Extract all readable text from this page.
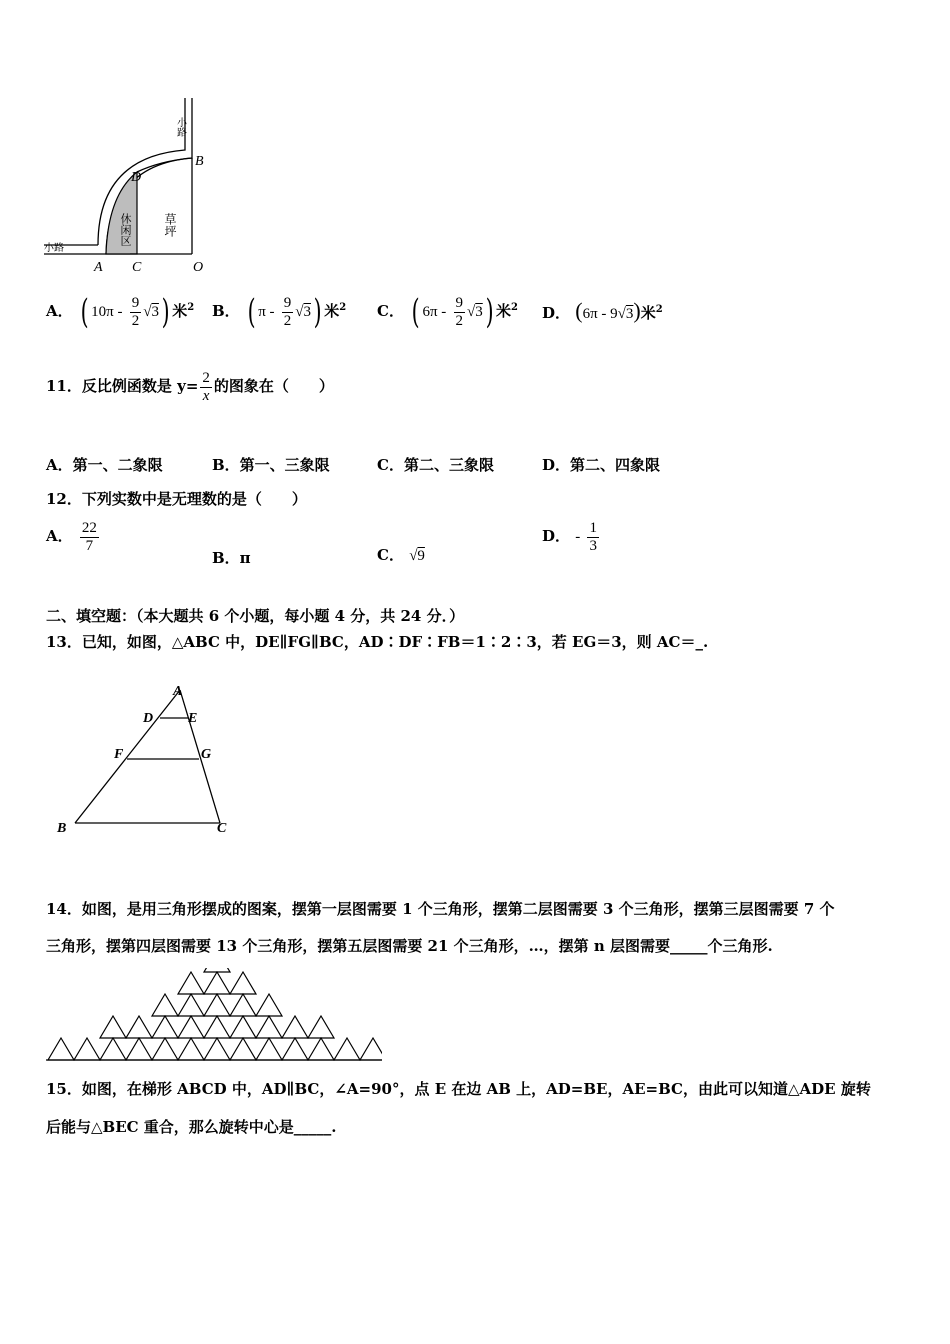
小路
小路
休闲区	草坪
A C	O
B
D
A． ( $10\pi - \frac{9}{2} √3$) 米$^2$ B． ( π - $\frac{9}{2} √3$) 米$^2$ C． ( $6\pi - \frac{9}{2} √3$) 米$^2$ D． (6π - 9√3)米$^2$
11．反比例函数是 $y= \frac{2}{x}$ 的图象在（　　）
A．第一、二象限	B．第一、三象限	C．第二、三象限	D．第二、四象限
12．下列实数中是无理数的是（　　）
A． $\frac{22}{7}$
B．π	C． √9
D． - $\frac{1}{3}$
二、填空题：（本大题共 6 个小题，每小题 4 分，共 24 分．）
13．已知，如图，△ABC 中，DE∥FG∥BC，AD∶DF∶FB＝1∶2∶3，若 EG＝3，则 AC＝_.
A
D E
F	G
B	C
14．如图，是用三角形摆成的图案，摆第一层图需要 1 个三角形，摆第二层图需要 3 个三角形，摆第三层图需要 7 个
三角形，摆第四层图需要 13 个三角形，摆第五层图需要 21 个三角形，…，摆第 n 层图需要_____个三角形.
15．如图，在梯形 ABCD 中，AD∥BC，∠A=90°，点 E 在边 AB 上，AD=BE，AE=BC，由此可以知道△ADE 旋转
后能与△BEC 重合，那么旋转中心是_____.
